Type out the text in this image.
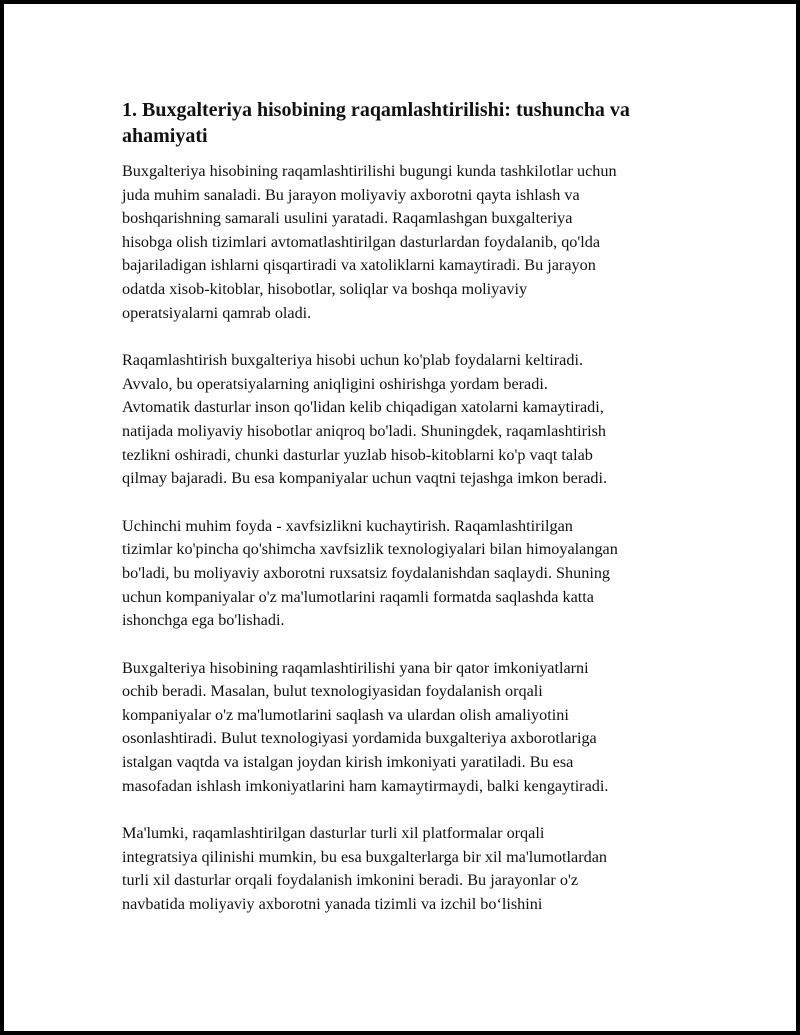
1. Buxgalteriya hisobining raqamlashtirilishi: tushuncha va
ahamiyati

Buxgalteriya hisobining raqamlashtirilishi bugungi kunda tashkilotlar uchun
juda muhim sanaladi. Bu jarayon moliyaviy axborotni qayta ishlash va
boshqarishning samarali usulini yaratadi. Raqamlashgan buxgalteriya
hisobga olish tizimlari avtomatlashtirilgan dasturlardan foydalanib, qo'lda
bajariladigan ishlarni qisqartiradi va xatoliklarni kamaytiradi. Bu jarayon
odatda xisob-kitoblar, hisobotlar, soliqlar va boshqa moliyaviy
operatsiyalarni qamrab oladi.

Raqamlashtirish buxgalteriya hisobi uchun ko'plab foydalarni keltiradi.
Avvalo, bu operatsiyalarning aniqligini oshirishga yordam beradi.
Avtomatik dasturlar inson qo'lidan kelib chiqadigan xatolarni kamaytiradi,
natijada moliyaviy hisobotlar aniqroq bo'ladi. Shuningdek, raqamlashtirish
tezlikni oshiradi, chunki dasturlar yuzlab hisob-kitoblarni ko'p vaqt talab
qilmay bajaradi. Bu esa kompaniyalar uchun vaqtni tejashga imkon beradi.

Uchinchi muhim foyda - xavfsizlikni kuchaytirish. Raqamlashtirilgan
tizimlar ko'pincha qo'shimcha xavfsizlik texnologiyalari bilan himoyalangan
bo'ladi, bu moliyaviy axborotni ruxsatsiz foydalanishdan saqlaydi. Shuning
uchun kompaniyalar o'z ma'lumotlarini raqamli formatda saqlashda katta
ishonchga ega bo'lishadi.

Buxgalteriya hisobining raqamlashtirilishi yana bir qator imkoniyatlarni
ochib beradi. Masalan, bulut texnologiyasidan foydalanish orqali
kompaniyalar o'z ma'lumotlarini saqlash va ulardan olish amaliyotini
osonlashtiradi. Bulut texnologiyasi yordamida buxgalteriya axborotlariga
istalgan vaqtda va istalgan joydan kirish imkoniyati yaratiladi. Bu esa
masofadan ishlash imkoniyatlarini ham kamaytirmaydi, balki kengaytiradi.

Ma'lumki, raqamlashtirilgan dasturlar turli xil platformalar orqali
integratsiya qilinishi mumkin, bu esa buxgalterlarga bir xil ma'lumotlardan
turli xil dasturlar orqali foydalanish imkonini beradi. Bu jarayonlar o'z
navbatida moliyaviy axborotni yanada tizimli va izchil bo‘lishini
